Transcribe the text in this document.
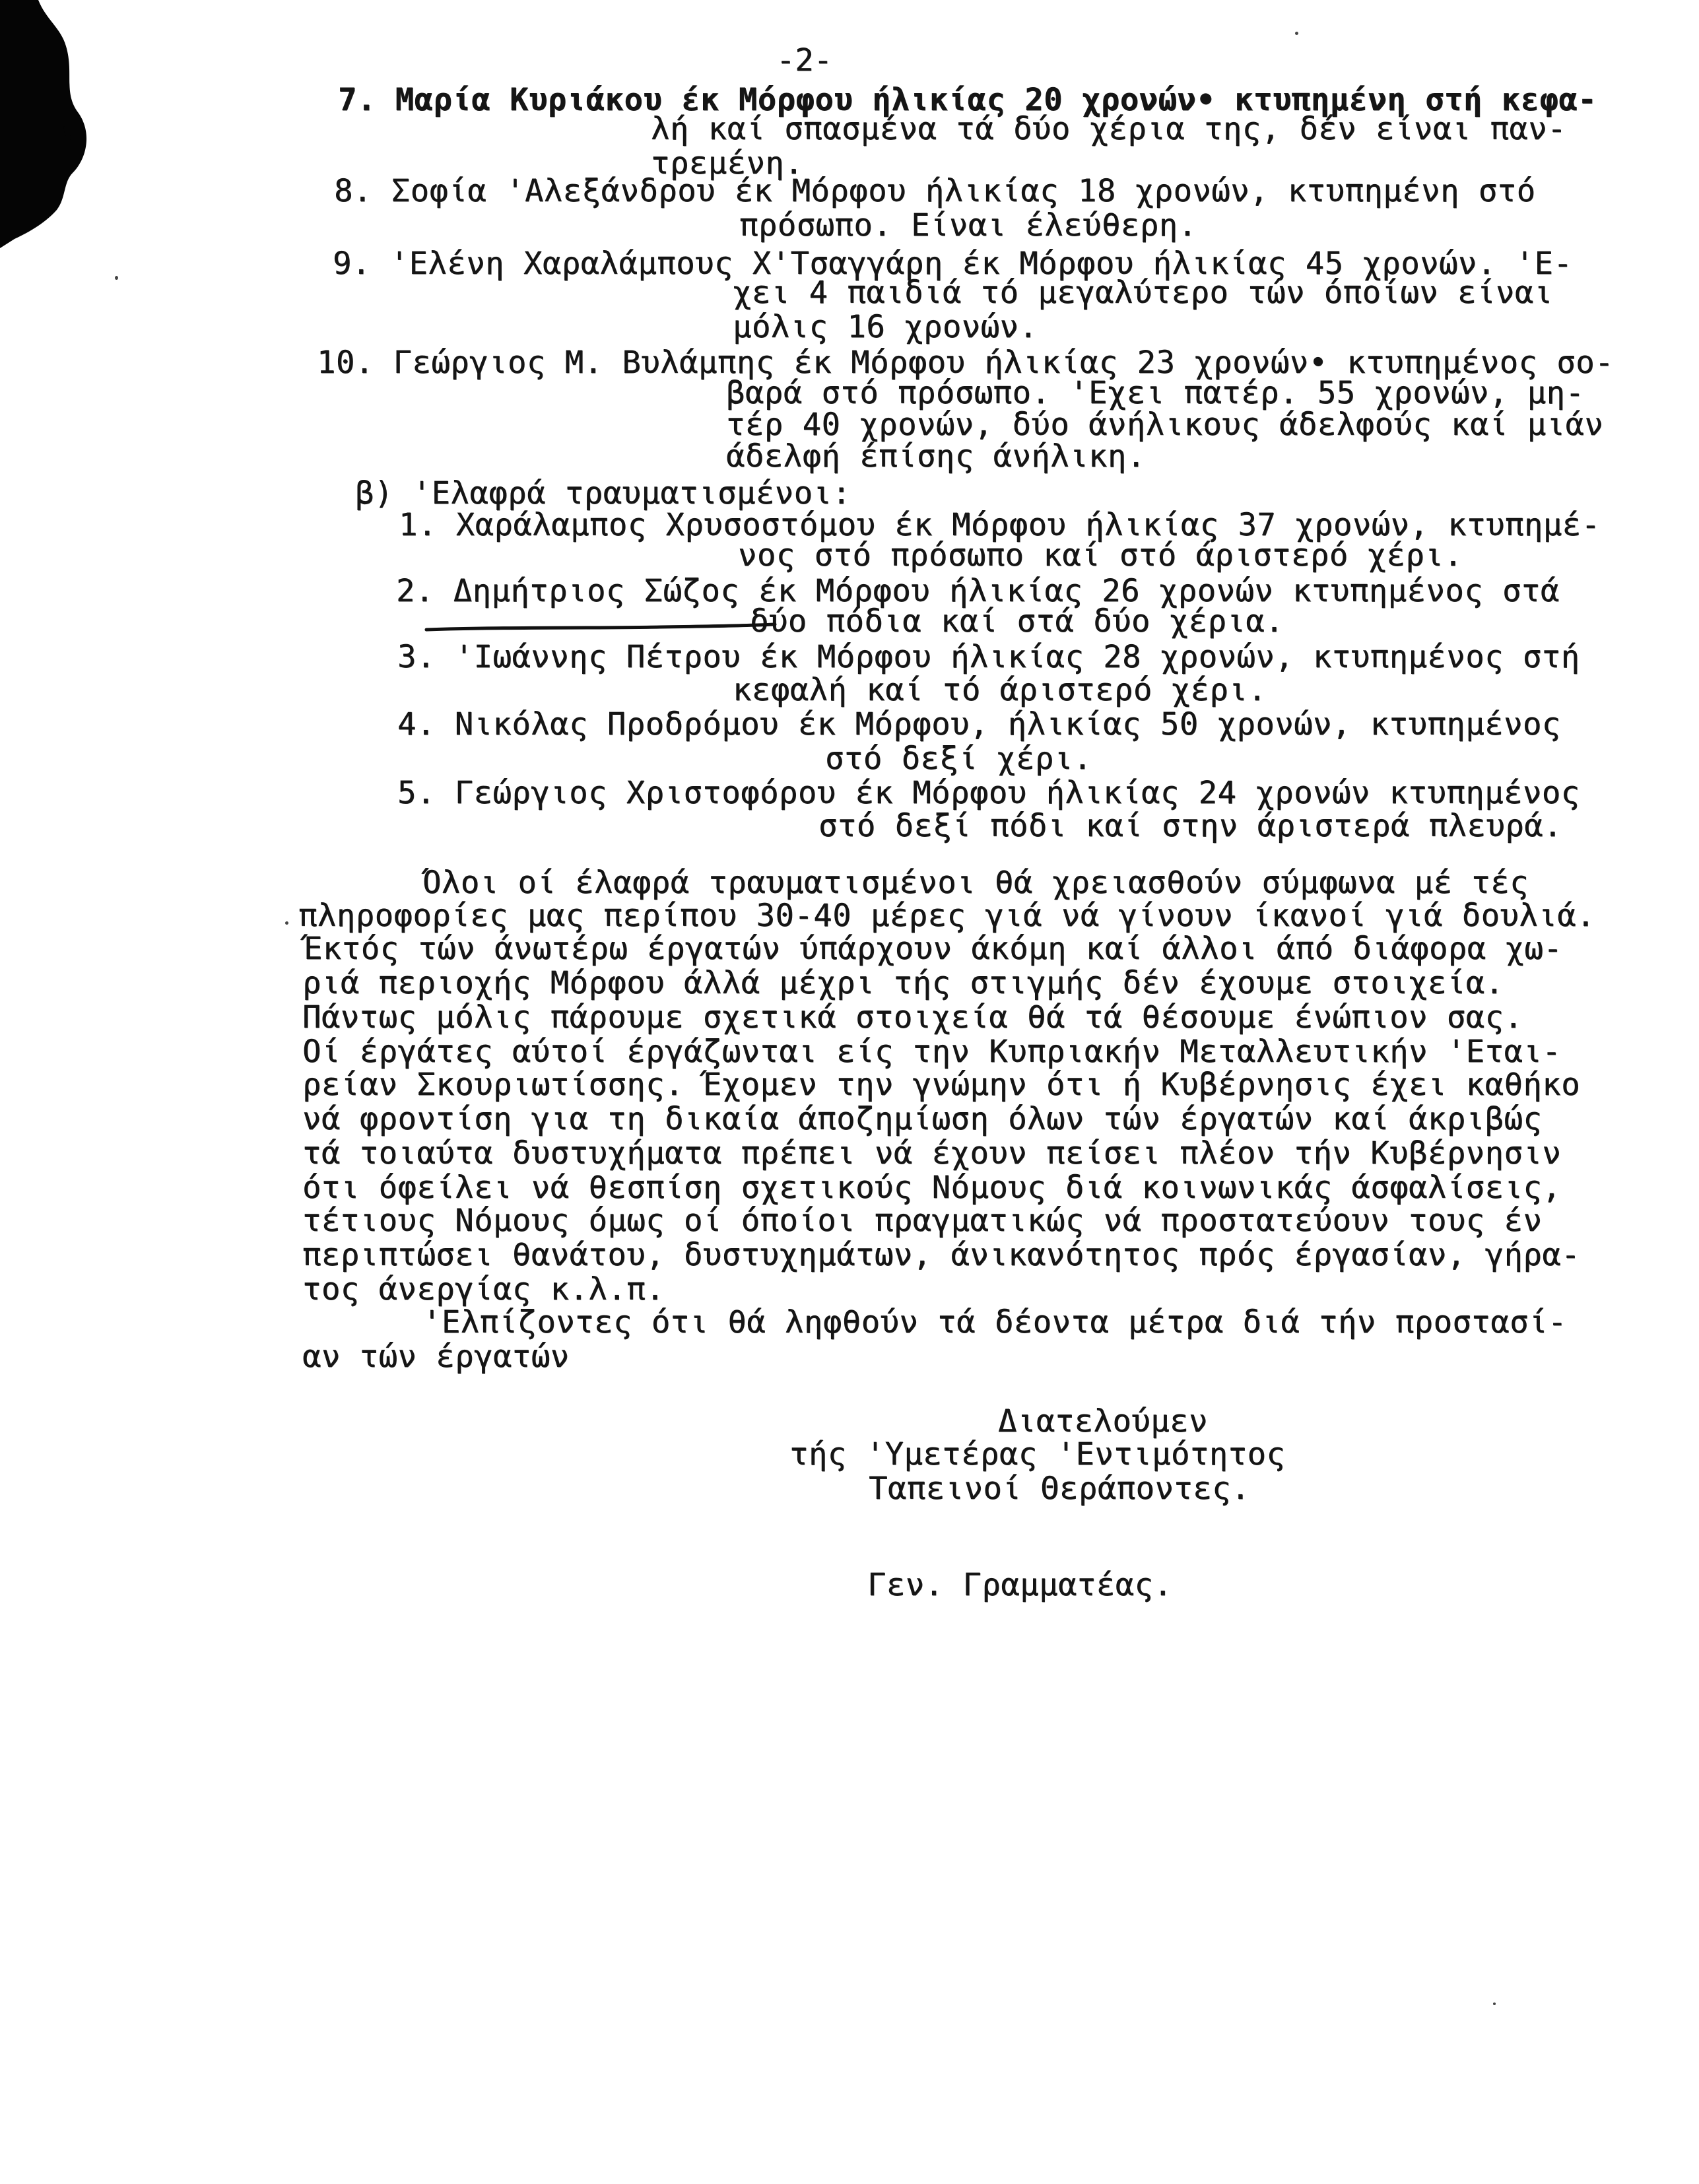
-2-
7. Μαρία Κυριάκου έκ Μόρφου ήλικίας 20 χρονών• κτυπημένη στή κεφα-
λή καί σπασμένα τά δύο χέρια της, δέν είναι παν-
τρεμένη.
8. Σοφία 'Αλεξάνδρου έκ Μόρφου ήλικίας 18 χρονών, κτυπημένη στό
πρόσωπο. Είναι έλεύθερη.
9. 'Ελένη Χαραλάμπους Χ'Τσαγγάρη έκ Μόρφου ήλικίας 45 χρονών. 'Ε-
χει 4 παιδιά τό μεγαλύτερο τών όποίων είναι
μόλις 16 χρονών.
10. Γεώργιος Μ. Βυλάμπης έκ Μόρφου ήλικίας 23 χρονών• κτυπημένος σο-
βαρά στό πρόσωπο. 'Εχει πατέρ. 55 χρονών, μη-
τέρ 40 χρονών, δύο άνήλικους άδελφούς καί μιάν
άδελφή έπίσης άνήλικη.
β) 'Ελαφρά τραυματισμένοι:
1. Χαράλαμπος Χρυσοστόμου έκ Μόρφου ήλικίας 37 χρονών, κτυπημέ-
νος στό πρόσωπο καί στό άριστερό χέρι.
2. Δημήτριος Σώζος έκ Μόρφου ήλικίας 26 χρονών κτυπημένος στά
δύο πόδια καί στά δύο χέρια.
3. 'Ιωάννης Πέτρου έκ Μόρφου ήλικίας 28 χρονών, κτυπημένος στή
κεφαλή καί τό άριστερό χέρι.
4. Νικόλας Προδρόμου έκ Μόρφου, ήλικίας 50 χρονών, κτυπημένος
στό δεξί χέρι.
5. Γεώργιος Χριστοφόρου έκ Μόρφου ήλικίας 24 χρονών κτυπημένος
στό δεξί πόδι καί στην άριστερά πλευρά.
Όλοι οί έλαφρά τραυματισμένοι θά χρειασθούν σύμφωνα μέ τές
πληροφορίες μας περίπου 30-40 μέρες γιά νά γίνουν ίκανοί γιά δουλιά.
Έκτός τών άνωτέρω έργατών ύπάρχουν άκόμη καί άλλοι άπό διάφορα χω-
ριά περιοχής Μόρφου άλλά μέχρι τής στιγμής δέν έχουμε στοιχεία.
Πάντως μόλις πάρουμε σχετικά στοιχεία θά τά θέσουμε ένώπιον σας.
Οί έργάτες αύτοί έργάζωνται είς την Κυπριακήν Μεταλλευτικήν 'Εται-
ρείαν Σκουριωτίσσης. Έχομεν την γνώμην ότι ή Κυβέρνησις έχει καθήκο
νά φροντίση για τη δικαία άποζημίωση όλων τών έργατών καί άκριβώς
τά τοιαύτα δυστυχήματα πρέπει νά έχουν πείσει πλέον τήν Κυβέρνησιν
ότι όφείλει νά θεσπίση σχετικούς Νόμους διά κοινωνικάς άσφαλίσεις,
τέτιους Νόμους όμως οί όποίοι πραγματικώς νά προστατεύουν τους έν
περιπτώσει θανάτου, δυστυχημάτων, άνικανότητος πρός έργασίαν, γήρα-
τος άνεργίας κ.λ.π.
'Ελπίζοντες ότι θά ληφθούν τά δέοντα μέτρα διά τήν προστασί-
αν τών έργατών
Διατελούμεν
τής 'Υμετέρας 'Εντιμότητος
Ταπεινοί Θεράποντες.
Γεν. Γραμματέας.
